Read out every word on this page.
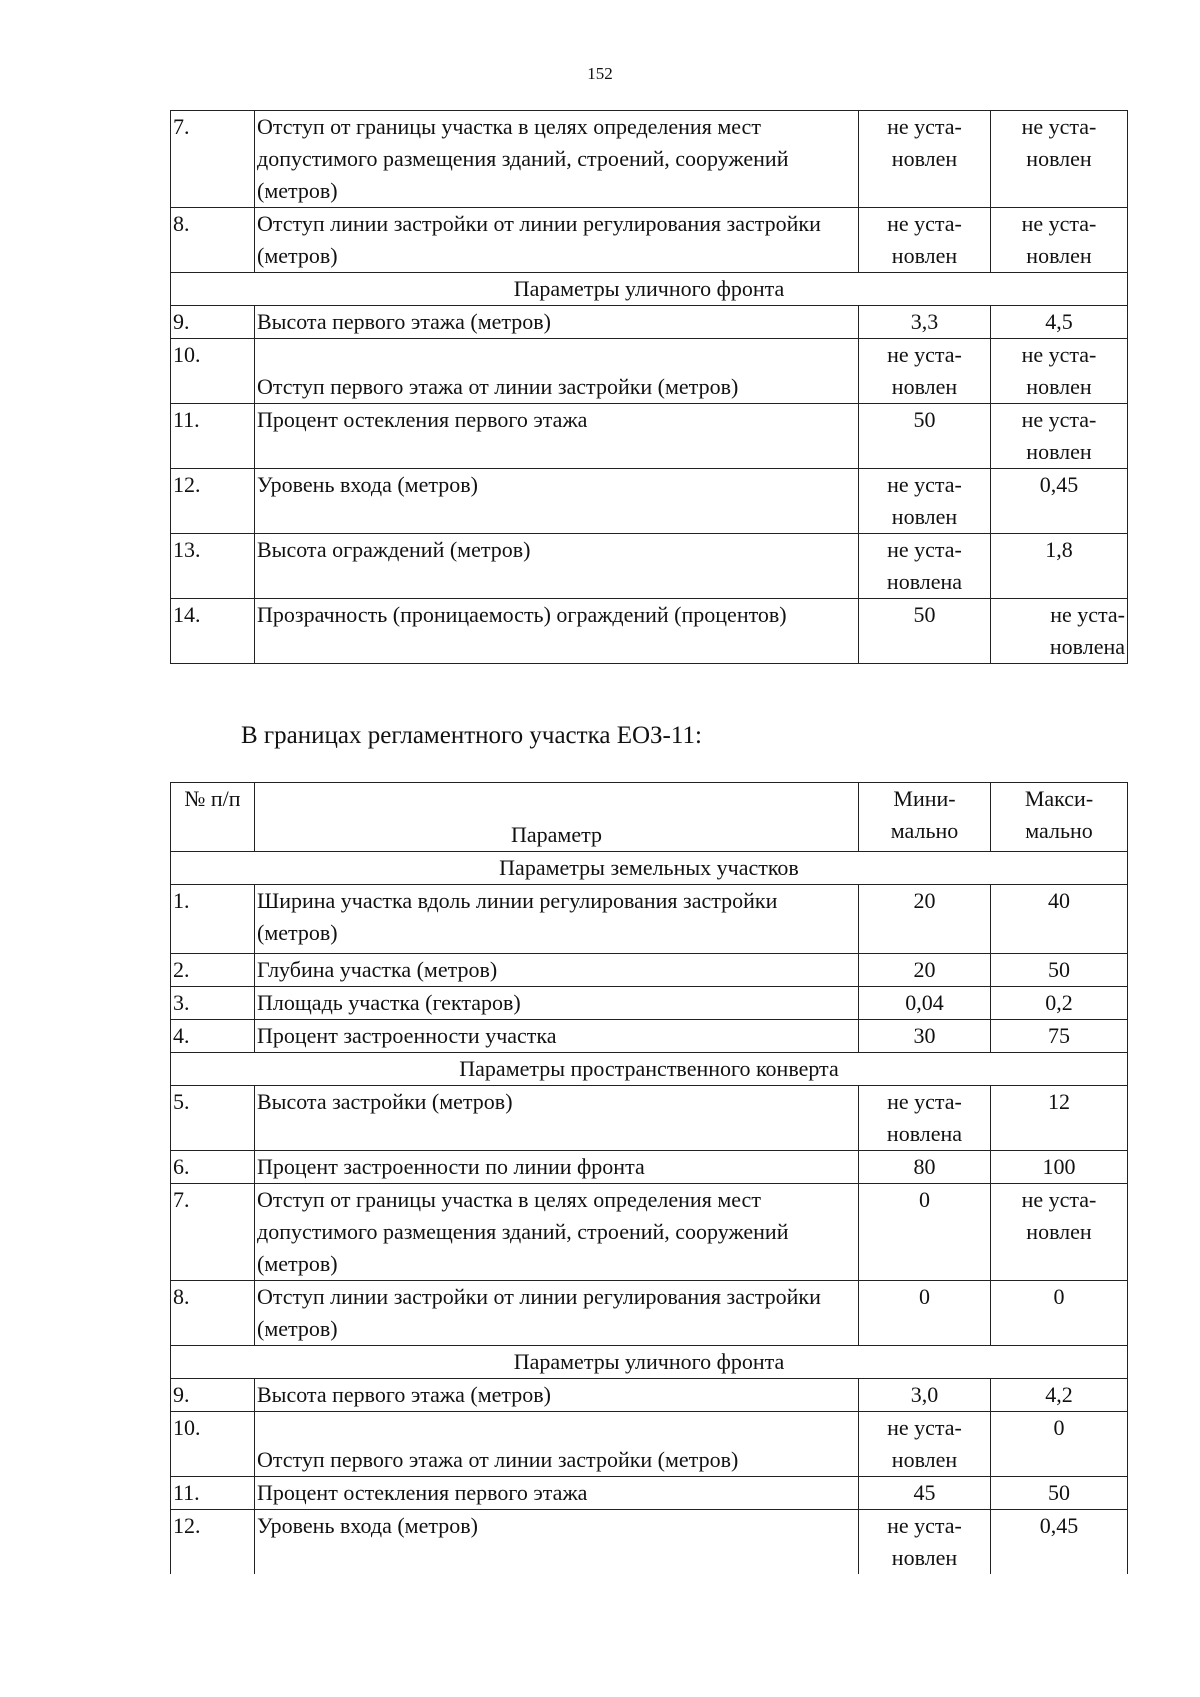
152
7.	Отступ от границы участка в целях определения мест допустимого размещения зданий, строений, сооружений (метров)	не уста-новлен	не уста-новлен
8.	Отступ линии застройки от линии регулирования застройки (метров)	не уста-новлен	не уста-новлен
Параметры уличного фронта			
9.	Высота первого этажа (метров)	3,3	4,5
10.	Отступ первого этажа от линии застройки (метров)	не уста-новлен	не уста-новлен
11.	Процент остекления первого этажа	50	не уста-новлен
12.	Уровень входа (метров)	не уста-новлен	0,45
13.	Высота ограждений (метров)	не уста-новлена	1,8
14.	Прозрачность (проницаемость) ограждений (процентов)	50	не уста-новлена
В границах регламентного участка ЕОЗ-11:
№ п/п	Параметр	Мини-мально	Макси-мально
Параметры земельных участков			
1.	Ширина участка вдоль линии регулирования застройки (метров)	20	40
2.	Глубина участка (метров)	20	50
3.	Площадь участка (гектаров)	0,04	0,2
4.	Процент застроенности участка	30	75
Параметры пространственного конверта			
5.	Высота застройки (метров)	не уста-новлена	12
6.	Процент застроенности по линии фронта	80	100
7.	Отступ от границы участка в целях определения мест допустимого размещения зданий, строений, сооружений (метров)	0	не уста-новлен
8.	Отступ линии застройки от линии регулирования застройки (метров)	0	0
Параметры уличного фронта			
9.	Высота первого этажа (метров)	3,0	4,2
10.	Отступ первого этажа от линии застройки (метров)	не уста-новлен	0
11.	Процент остекления первого этажа	45	50
12.	Уровень входа (метров)	не уста-новлен	0,45
